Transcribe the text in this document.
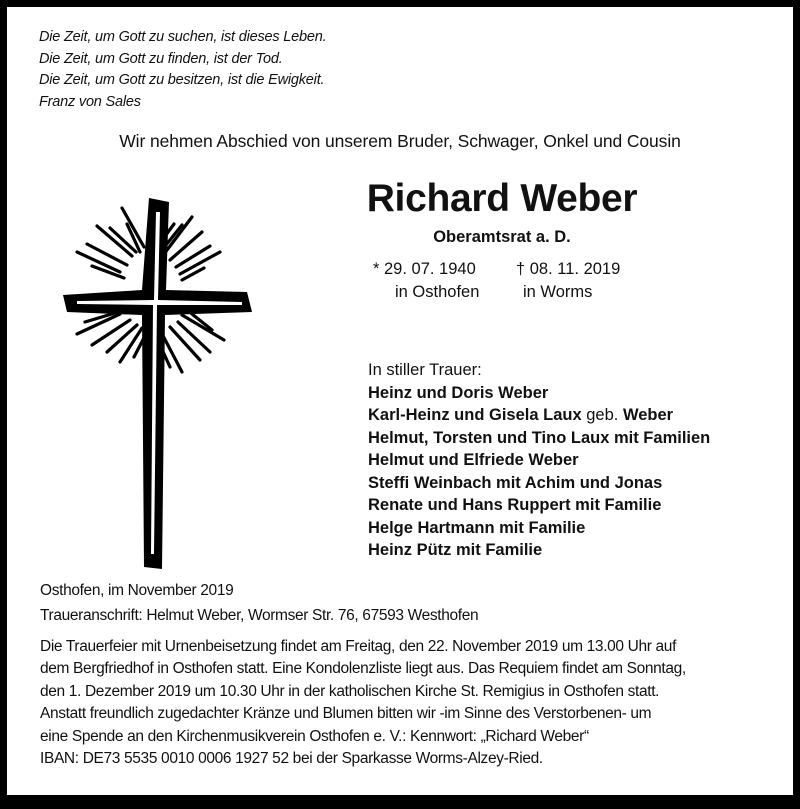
Die Zeit, um Gott zu suchen, ist dieses Leben.
Die Zeit, um Gott zu finden, ist der Tod.
Die Zeit, um Gott zu besitzen, ist die Ewigkeit.
Franz von Sales
Wir nehmen Abschied von unserem Bruder, Schwager, Onkel und Cousin
Richard Weber
Oberamtsrat a. D.
* 29. 07. 1940 † 08. 11. 2019
in Osthofen	in Worms
In stiller Trauer:
Heinz und Doris Weber
Karl-Heinz und Gisela Laux geb. Weber
Helmut, Torsten und Tino Laux mit Familien
Helmut und Elfriede Weber
Steffi Weinbach mit Achim und Jonas
Renate und Hans Ruppert mit Familie
Helge Hartmann mit Familie
Heinz Pütz mit Familie
Osthofen, im November 2019
Traueranschrift: Helmut Weber, Wormser Str. 76, 67593 Westhofen
Die Trauerfeier mit Urnenbeisetzung findet am Freitag, den 22. November 2019 um 13.00 Uhr auf
dem Bergfriedhof in Osthofen statt. Eine Kondolenzliste liegt aus. Das Requiem findet am Sonntag,
den 1. Dezember 2019 um 10.30 Uhr in der katholischen Kirche St. Remigius in Osthofen statt.
Anstatt freundlich zugedachter Kränze und Blumen bitten wir -im Sinne des Verstorbenen- um
eine Spende an den Kirchenmusikverein Osthofen e. V.: Kennwort: „Richard Weber“
IBAN: DE73 5535 0010 0006 1927 52 bei der Sparkasse Worms-Alzey-Ried.
